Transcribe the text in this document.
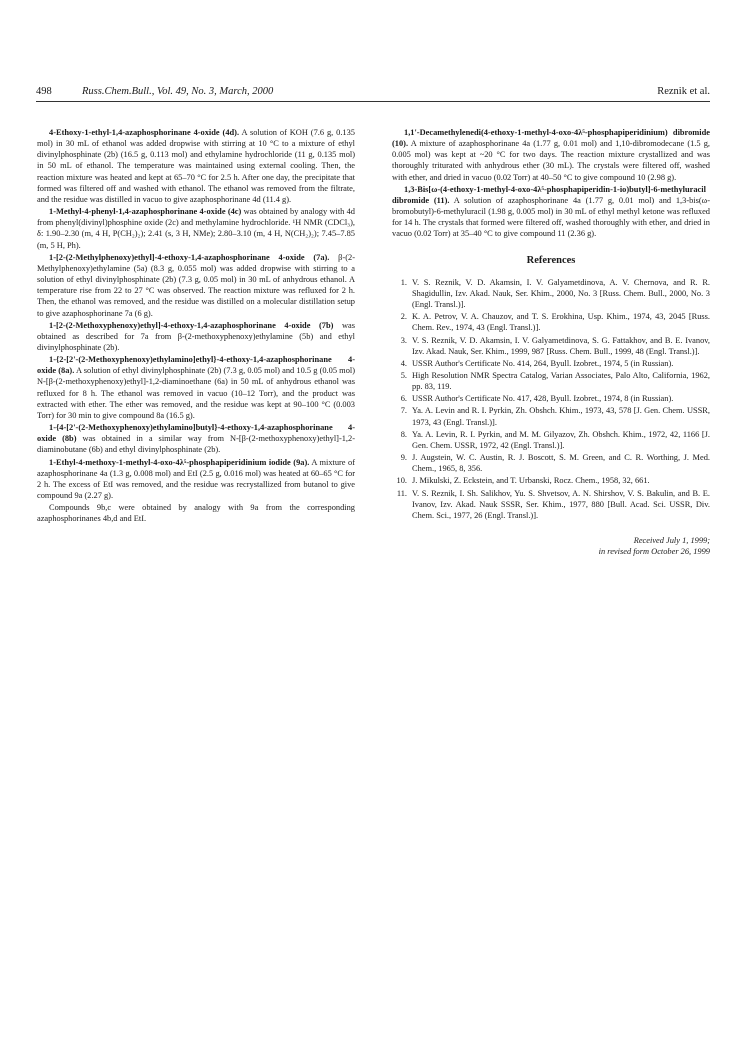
498	Russ.Chem.Bull., Vol. 49, No. 3, March, 2000	Reznik et al.

4-Ethoxy-1-ethyl-1,4-azaphosphorinane 4-oxide (4d). A solution of KOH (7.6 g, 0.135 mol) in 30 mL of ethanol was added dropwise with stirring at 10 °C to a mixture of ethyl divinylphosphinate (2b) (16.5 g, 0.113 mol) and ethylamine hydrochloride (11 g, 0.135 mol) in 50 mL of ethanol. The temperature was maintained using external cooling. Then, the reaction mixture was heated and kept at 65–70 °C for 2.5 h. After one day, the precipitate that formed was filtered off and washed with ethanol. The ethanol was removed from the filtrate, and the residue was distilled in vacuo to give azaphosphorinane 4d (11.4 g).

1-Methyl-4-phenyl-1,4-azaphosphorinane 4-oxide (4c) was obtained by analogy with 4d from phenyl(divinyl)phosphine oxide (2c) and methylamine hydrochloride. ¹H NMR (CDCl₃), δ: 1.90–2.30 (m, 4 H, P(CH₂)₂); 2.41 (s, 3 H, NMe); 2.80–3.10 (m, 4 H, N(CH₂)₂); 7.45–7.85 (m, 5 H, Ph).

1-[2-(2-Methylphenoxy)ethyl]-4-ethoxy-1,4-azaphosphorinane 4-oxide (7a). β-(2-Methylphenoxy)ethylamine (5a) (8.3 g, 0.055 mol) was added dropwise with stirring to a solution of ethyl divinylphosphinate (2b) (7.3 g, 0.05 mol) in 30 mL of anhydrous ethanol. A temperature rise from 22 to 27 °C was observed. The reaction mixture was refluxed for 2 h. Then, the ethanol was removed, and the residue was distilled on a molecular distillation setup to give azaphosphorinane 7a (6 g).

1-[2-(2-Methoxyphenoxy)ethyl]-4-ethoxy-1,4-azaphosphorinane 4-oxide (7b) was obtained as described for 7a from β-(2-methoxyphenoxy)ethylamine (5b) and ethyl divinylphosphinate (2b).

1-{2-[2'-(2-Methoxyphenoxy)ethylamino]ethyl}-4-ethoxy-1,4-azaphosphorinane 4-oxide (8a). A solution of ethyl divinylphosphinate (2b) (7.3 g, 0.05 mol) and 10.5 g (0.05 mol) N-[β-(2-methoxyphenoxy)ethyl]-1,2-diaminoethane (6a) in 50 mL of anhydrous ethanol was refluxed for 8 h. The ethanol was removed in vacuo (10–12 Torr), and the product was extracted with ether. The ether was removed, and the residue was kept at 90–100 °C (0.003 Torr) for 30 min to give compound 8a (16.5 g).

1-{4-[2'-(2-Methoxyphenoxy)ethylamino]butyl}-4-ethoxy-1,4-azaphosphorinane 4-oxide (8b) was obtained in a similar way from N-[β-(2-methoxyphenoxy)ethyl]-1,2-diaminobutane (6b) and ethyl divinylphosphinate (2b).

1-Ethyl-4-methoxy-1-methyl-4-oxo-4λ⁵-phosphapiperidinium iodide (9a). A mixture of azaphosphorinane 4a (1.3 g, 0.008 mol) and EtI (2.5 g, 0.016 mol) was heated at 60–65 °C for 2 h. The excess of EtI was removed, and the residue was recrystallized from butanol to give compound 9a (2.27 g).

Compounds 9b,c were obtained by analogy with 9a from the corresponding azaphosphorinanes 4b,d and EtI.

1,1'-Decamethylenedi(4-ethoxy-1-methyl-4-oxo-4λ⁵-phosphapiperidinium) dibromide (10). A mixture of azaphosphorinane 4a (1.77 g, 0.01 mol) and 1,10-dibromodecane (1.5 g, 0.005 mol) was kept at ~20 °C for two days. The reaction mixture crystallized and was thoroughly triturated with anhydrous ether (30 mL). The crystals were filtered off, washed with ether, and dried in vacuo (0.02 Torr) at 40–50 °C to give compound 10 (2.98 g).

1,3-Bis[ω-(4-ethoxy-1-methyl-4-oxo-4λ⁵-phosphapiperidin-1-io)butyl]-6-methyluracil dibromide (11). A solution of azaphosphorinane 4a (1.77 g, 0.01 mol) and 1,3-bis(ω-bromobutyl)-6-methyluracil (1.98 g, 0.005 mol) in 30 mL of ethyl methyl ketone was refluxed for 14 h. The crystals that formed were filtered off, washed thoroughly with ether, and dried in vacuo (0.02 Torr) at 35–40 °C to give compound 11 (2.36 g).

References
1. V. S. Reznik, V. D. Akamsin, I. V. Galyametdinova, A. V. Chernova, and R. R. Shagidullin, Izv. Akad. Nauk, Ser. Khim., 2000, No. 3 [Russ. Chem. Bull., 2000, No. 3 (Engl. Transl.)].
2. K. A. Petrov, V. A. Chauzov, and T. S. Erokhina, Usp. Khim., 1974, 43, 2045 [Russ. Chem. Rev., 1974, 43 (Engl. Transl.)].
3. V. S. Reznik, V. D. Akamsin, I. V. Galyametdinova, S. G. Fattakhov, and B. E. Ivanov, Izv. Akad. Nauk, Ser. Khim., 1999, 987 [Russ. Chem. Bull., 1999, 48 (Engl. Transl.)].
4. USSR Author's Certificate No. 414, 264, Byull. Izobret., 1974, 5 (in Russian).
5. High Resolution NMR Spectra Catalog, Varian Associates, Palo Alto, California, 1962, pp. 83, 119.
6. USSR Author's Certificate No. 417, 428, Byull. Izobret., 1974, 8 (in Russian).
7. Ya. A. Levin and R. I. Pyrkin, Zh. Obshch. Khim., 1973, 43, 578 [J. Gen. Chem. USSR, 1973, 43 (Engl. Transl.)].
8. Ya. A. Levin, R. I. Pyrkin, and M. M. Gilyazov, Zh. Obshch. Khim., 1972, 42, 1166 [J. Gen. Chem. USSR, 1972, 42 (Engl. Transl.)].
9. J. Augstein, W. C. Austin, R. J. Boscott, S. M. Green, and C. R. Worthing, J. Med. Chem., 1965, 8, 356.
10. J. Mikulski, Z. Eckstein, and T. Urbanski, Rocz. Chem., 1958, 32, 661.
11. V. S. Reznik, I. Sh. Salikhov, Yu. S. Shvetsov, A. N. Shirshov, V. S. Bakulin, and B. E. Ivanov, Izv. Akad. Nauk SSSR, Ser. Khim., 1977, 880 [Bull. Acad. Sci. USSR, Div. Chem. Sci., 1977, 26 (Engl. Transl.)].
Received July 1, 1999;
in revised form October 26, 1999
